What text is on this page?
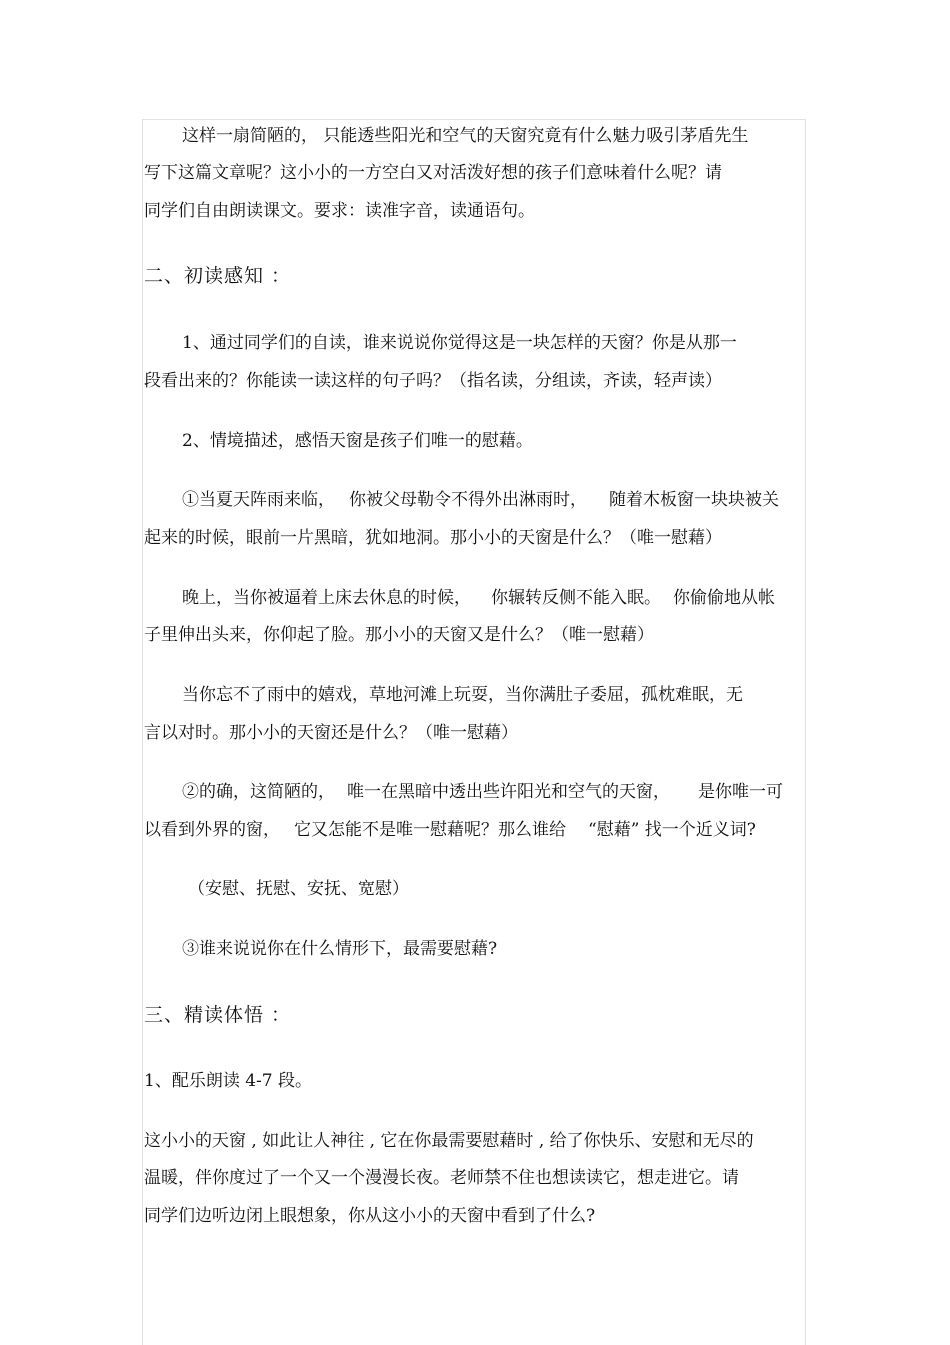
这样一扇简陋的， 只能透些阳光和空气的天窗究竟有什么魅力吸引茅盾先生
写下这篇文章呢？这小小的一方空白又对活泼好想的孩子们意味着什么呢？请
同学们自由朗读课文。要求：读准字音，读通语句。
二、初读感知 ：
1、通过同学们的自读，谁来说说你觉得这是一块怎样的天窗？你是从那一
段看出来的？你能读一读这样的句子吗？（指名读，分组读，齐读，轻声读）
2、情境描述，感悟天窗是孩子们唯一的慰藉。
①当夏天阵雨来临， 你被父母勒令不得外出淋雨时， 随着木板窗一块块被关
起来的时候，眼前一片黑暗，犹如地洞。那小小的天窗是什么？（唯一慰藉）
晚上，当你被逼着上床去休息的时候， 你辗转反侧不能入眠。 你偷偷地从帐
子里伸出头来，你仰起了脸。那小小的天窗又是什么？（唯一慰藉）
当你忘不了雨中的嬉戏，草地河滩上玩耍，当你满肚子委屈，孤枕难眠，无
言以对时。那小小的天窗还是什么？（唯一慰藉）
②的确，这简陋的， 唯一在黑暗中透出些许阳光和空气的天窗， 是你唯一可
以看到外界的窗， 它又怎能不是唯一慰藉呢？那么谁给 “慰藉” 找一个近义词?
（安慰、抚慰、安抚、宽慰）
③谁来说说你在什么情形下，最需要慰藉?
三、精读体悟 ：
1、配乐朗读 4-7 段。
这小小的天窗 , 如此让人神往 , 它在你最需要慰藉时 , 给了你快乐、安慰和无尽的
温暖，伴你度过了一个又一个漫漫长夜。老师禁不住也想读读它，想走进它。请
同学们边听边闭上眼想象，你从这小小的天窗中看到了什么?
